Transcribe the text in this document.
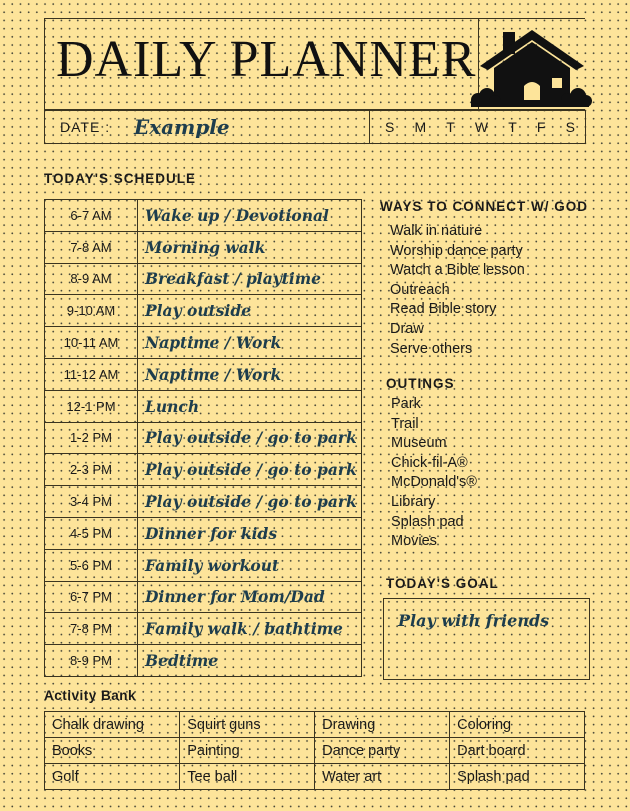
DAILY PLANNER
DATE : Example	S M T W T F S
TODAY'S SCHEDULE
6-7 AM	Wake up / Devotional
7-8 AM	Morning walk
8-9 AM	Breakfast / playtime
9-10 AM	Play outside
10-11 AM	Naptime / Work
11-12 AM	Naptime / Work
12-1 PM	Lunch
1-2 PM	Play outside / go to park
2-3 PM	Play outside / go to park
3-4 PM	Play outside / go to park
4-5 PM	Dinner for kids
5-6 PM	Family workout
6-7 PM	Dinner for Mom/Dad
7-8 PM	Family walk / bathtime
8-9 PM	Bedtime
WAYS TO CONNECT W/ GOD
Walk in nature
Worship dance party
Watch a Bible lesson
Outreach
Read Bible story
Draw
Serve others
OUTINGS
Park
Trail
Museum
Chick-fil-A®
McDonald's®
Library
Splash pad
Movies
TODAY'S GOAL
Play with friends
Activity Bank
Chalk drawing	Squirt guns	Drawing	Coloring
Books	Painting	Dance party	Dart board
Golf	Tee ball	Water art	Splash pad
